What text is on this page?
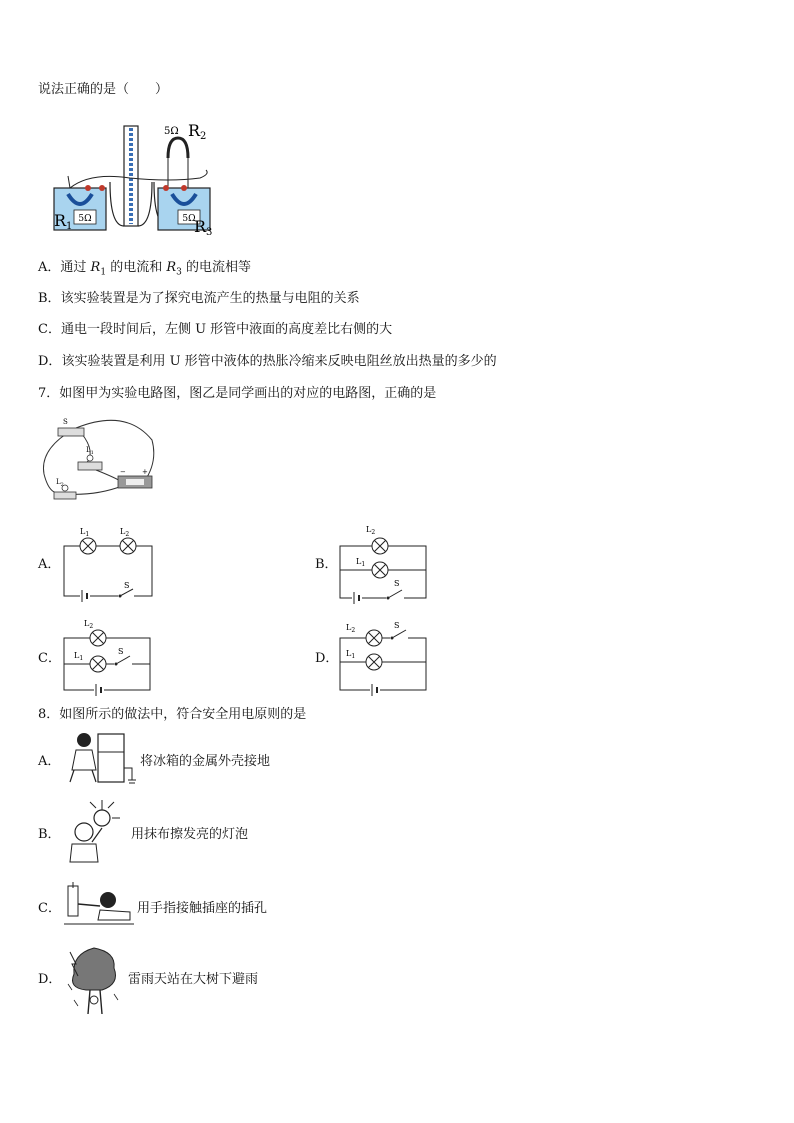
说法正确的是（　　）
5Ω	5Ω
5Ω
R1
R2
R3
A．通过 $R_1$ 的电流和 $R_3$ 的电流相等
B．该实验装置是为了探究电流产生的热量与电阻的关系
C．通电一段时间后，左侧 U 形管中液面的高度差比右侧的大
D．该实验装置是利用 U 形管中液体的热胀冷缩来反映电阻丝放出热量的多少的
7．如图甲为实验电路图，图乙是同学画出的对应的电路图，正确的是
S
$L_1$
$L_2$
− +
A．
$L_1$	$L_2$
S
B．
$L_2$
$L_1$
S
C．
$L_2$
$L_1$
S	D．
$L_2$
$L_1$
S
8．如图所示的做法中，符合安全用电原则的是
A．	将冰箱的金属外壳接地
B．	用抹布擦发亮的灯泡
C．	用手指接触插座的插孔
D．	雷雨天站在大树下避雨
